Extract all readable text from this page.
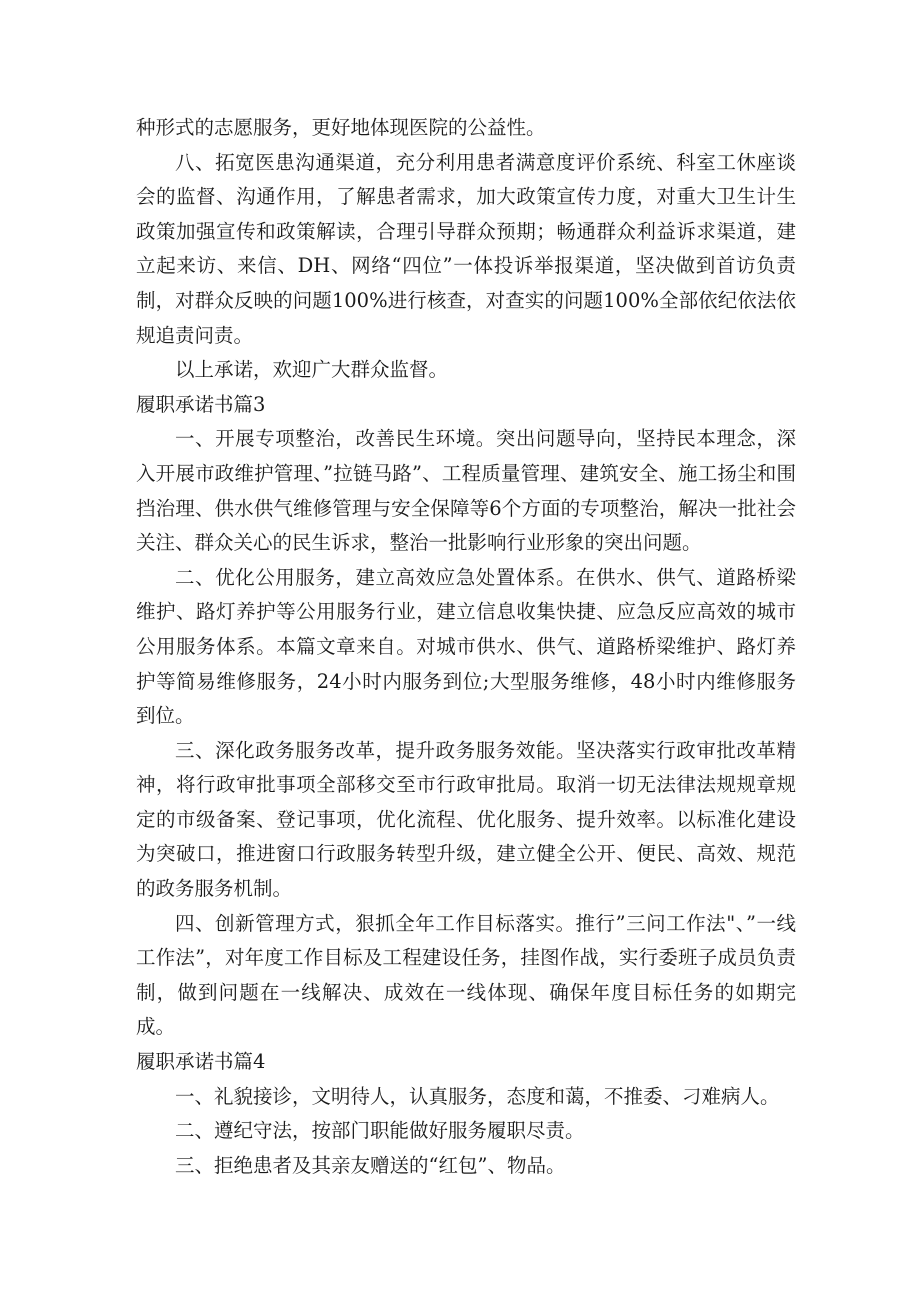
种形式的志愿服务，更好地体现医院的公益性。

八、拓宽医患沟通渠道，充分利用患者满意度评价系统、科室工休座谈会的监督、沟通作用，了解患者需求，加大政策宣传力度，对重大卫生计生政策加强宣传和政策解读，合理引导群众预期；畅通群众利益诉求渠道，建立起来访、来信、DH、网络“四位”一体投诉举报渠道，坚决做到首访负责制，对群众反映的问题100%进行核查，对查实的问题100%全部依纪依法依规追责问责。

以上承诺，欢迎广大群众监督。

履职承诺书篇3

一、开展专项整治，改善民生环境。突出问题导向，坚持民本理念，深入开展市政维护管理、”拉链马路”、工程质量管理、建筑安全、施工扬尘和围挡治理、供水供气维修管理与安全保障等6个方面的专项整治，解决一批社会关注、群众关心的民生诉求，整治一批影响行业形象的突出问题。

二、优化公用服务，建立高效应急处置体系。在供水、供气、道路桥梁维护、路灯养护等公用服务行业，建立信息收集快捷、应急反应高效的城市公用服务体系。本篇文章来自。对城市供水、供气、道路桥梁维护、路灯养护等简易维修服务，24小时内服务到位;大型服务维修，48小时内维修服务到位。

三、深化政务服务改革，提升政务服务效能。坚决落实行政审批改革精神，将行政审批事项全部移交至市行政审批局。取消一切无法律法规规章规定的市级备案、登记事项，优化流程、优化服务、提升效率。以标准化建设为突破口，推进窗口行政服务转型升级，建立健全公开、便民、高效、规范的政务服务机制。

四、创新管理方式，狠抓全年工作目标落实。推行”三问工作法"、”一线工作法”，对年度工作目标及工程建设任务，挂图作战，实行委班子成员负责制，做到问题在一线解决、成效在一线体现、确保年度目标任务的如期完成。

履职承诺书篇4

一、礼貌接诊，文明待人，认真服务，态度和蔼，不推委、刁难病人。

二、遵纪守法，按部门职能做好服务履职尽责。

三、拒绝患者及其亲友赠送的“红包”、物品。
